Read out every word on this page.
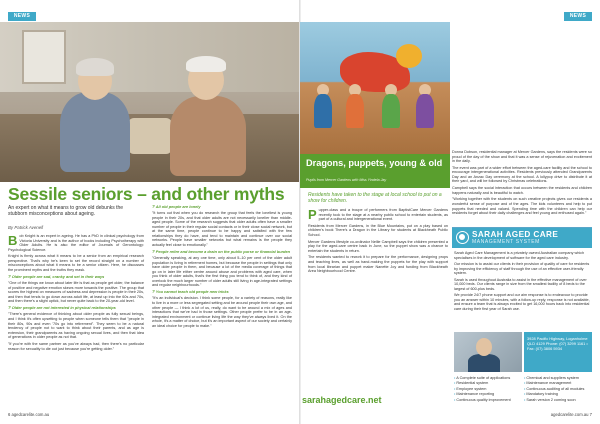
NEWS
Sessile seniors – and other myths
An expert on what it means to grow old debunks the stubborn misconceptions about ageing.
By Patrick Avenell

Bob Knight is an expert in ageing. He has a PhD in clinical psychology from Victoria University and is the author of books including Psychotherapy with Older Adults. He is also the editor of Journals of Gerontology: Psychological Science.

Knight is firmly across what it means to be a senior from an empirical research perspective. That's why he's keen to set the record straight on a number of misconceptions about what it means to be a senior citizen. Here, he discusses the prominent myths and the truths they mask.

?Older people are sad, cranky and set in their ways

"One of the things we know about later life is that as people get older, the balance of positive and negative emotion skews more towards the positive. The group that scores the highest on measures of sadness and depression is people in their 20s, and then that tends to go down across adult life, at least up into the 60s and 70s, and then there's a slight uptick, but never quite back to the 20-year-old level.

?Older people are not interested in physical relationships

"There's general evidence of thinking about older people as fully sexual beings, and I think it's often upsetting to people when someone tells them that "people in their 80s, 90s and even '70s go into retirement". They seem to be a natural tendency of people not to want to think about their parents, and as age is extension, their grandparents as having ongoing sexual lives, and then that idea of generations in older people as not that.

"If you're with the same partner as you've always had, then there's no particular reason for sexuality to die out just because you're getting older."

?All old people are lonely

"It turns out that when you do research the group that feels the loneliest is young people in their 20s, and that older adults are not necessarily lonelier than middle-aged people. Some of the research suggests that older adults often have a smaller number of people in their regular social contacts or in their close social network, but at the same time, people continue to be happy and satisfied with the few relationships they do have, and tend to maintain and continue over our social networks. People have smaller networks but what remains is the people they actually feel close to emotionally."

?People retire and become a drain on the public purse or financial burden

"Generally speaking, at any one time, only about 5–10 per cent of the older adult population is living in retirement homes, but because the people in settings that only have older people in them, and because a lot of the media coverage of things that go on in later life either centre around abuse and problems with aged care, when you think of older adults, that's the first thing you tend to think of, and they kind of overlook the much larger number of older adults still living in age-integrated settings and regular neighbourhoods."

?You cannot teach old people new tricks

"It's an individual's decision. I think some people, for a variety of reasons, really like to live in a more or less segregated setting and be around people their own age, and other people — I think a lot of us, really, do want to be around a mix of ages and interactions that we've had in those settings. Other people prefer to be in an age-integrated environment or continue living life the way they've always lived it. On the whole, it's a matter of choice, but it's an important aspect of our society and certainly an ideal choice for people to make."

6 agedcarelite.com.au
NEWS
Dragons, puppets, young & old
Pupils from Mercer Gardens with Miss Yindela Jay
Residents have taken to the stage at local school to put on a show for children.

Pupper-class and a troupe of performers from BaptistCare Mercer Gardens recently took to the stage at a nearby public school to entertain students, as part of a cultural and intergenerational event.

Residents from Mercer Gardens, in the Blue Mountains, put on a play based on children's book There's a Dragon in the Library for students at Blackheath Public School.

Mercer Gardens lifestyle co-ordinator Nellie Campbell says the children presented a play for the aged-care centre back in June, so the puppet show was a chance to entertain the students in return.

The residents wanted to rework it to prepare for the performance, designing props and teaching lines, as well as hand-making the puppets for the play with support from local librarian and puppet maker Nanette Joy and funding from Blackheath Area Neighbourhood Centre.

Donna Dobson, residential manager at Mercer Gardens, says the residents were so proud of the day of the show and that it was a sense of rejuvenation and excitement in the daily.

The event was part of a wider effort between the aged-care facility and the school to encourage intergenerational activities. Residents previously attended Grandparents Day and an Anzac Day ceremony at the school. A lollypop drive to distribute it at their yard, and will be followed by Christmas celebrations.

Campbell says the social interaction that occurs between the residents and children happens naturally and is beautiful to watch.

"Working together with the students on such creative projects gives our residents a wonderful sense of purpose and of the ages. The kids volunteers and help to put puppets that needed and valued. Spending time with the children can help our residents forget about their daily challenges and feel young and enthused again."

SARAH AGED CARE
MANAGEMENT SYSTEM

Sarah Aged Care Management is a privately owned Australian company which specialises in the development of software for the aged care industry.

Our mission is to assist our clients in their provision of quality of care for residents by improving the efficiency of staff through the use of an effective user-friendly system.

Sarah is used throughout Australia to assist in the effective management of over 10,000 beds. Our clients range in size from the smallest facility of 8 beds to the largest of 600-plus beds.

We provide 24/7 phone support and our aim response is to endeavour to provide you an answer within 10 minutes, with a follow-up reply, response is not available, and ensure a team that is always excited to get 16,000 hours back into residential care during their first year of Sarah use.

3928 Pacific Highway, Loganholme QLD 4129 Phone: (07) 3299 1161 • Fax: (07) 3806 5934
• A Complete suite of applications
• Residential system
• Employee system
• Maintenance reporting
• Continuous quality improvement
• Chemical and suppliers system
• Maintenance management
• Continuous auditing of all modules
• Mandatory training
• Sarah version 2 coming soon
sarahagedcare.net
agedcarelite.com.au 7
